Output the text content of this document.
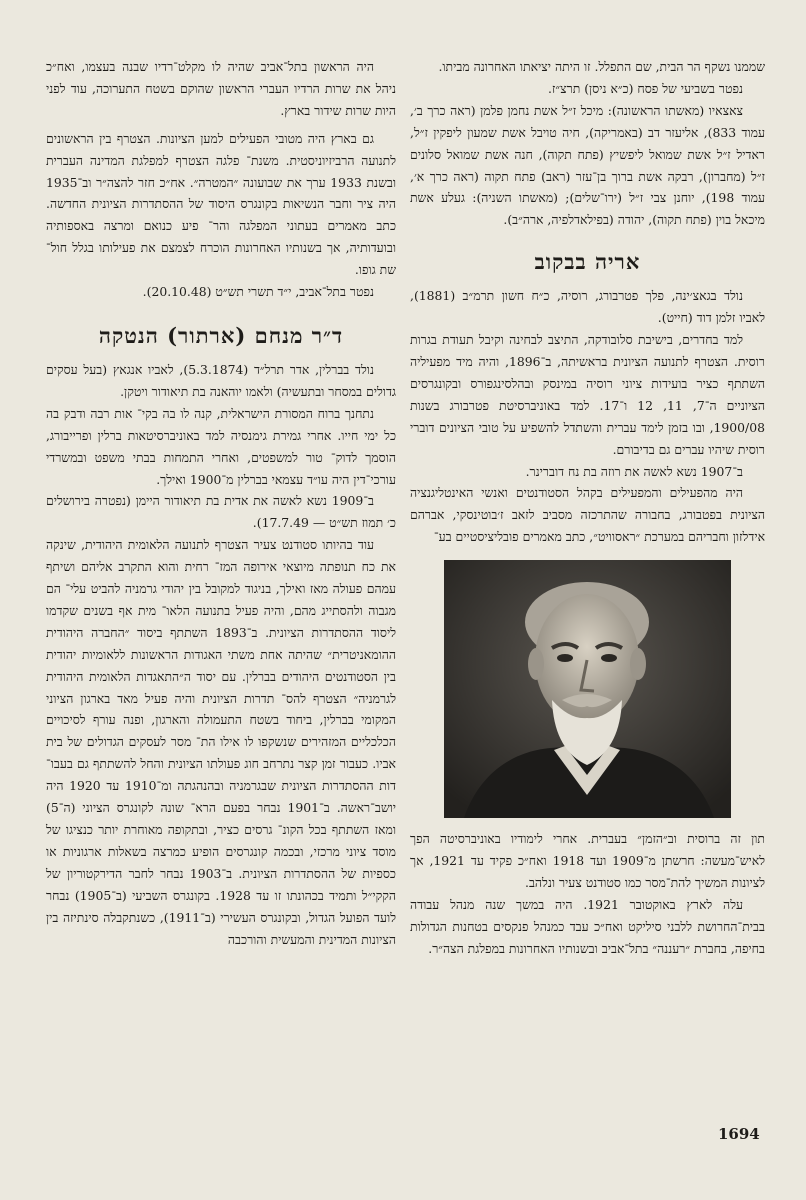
שממנו נשקף הר הבית, שם התפלל. זו היתה יציאתו האחרונה מביתו.

נפטר בשביעי של פסח (כ״א ניסן) תרצ״ז.

צאצאיו (מאשתו הראשונה): מיכל ז״ל אשת נחמן פלמן (ראה כרך ב׳, עמוד 833), אליעזר דב (באמריקה), חיה טויבל אשת שמעון ליפקין ז״ל, ראדיל ז״ל אשת שמואל ליפשיץ (פתח תקוה), חנה אשת שמואל סלונים ז״ל (מחברון), רבקה אשת ברוך בן־עזר (ראב) פתח תקוה (ראה כרך א׳, עמוד 198), יוחנן צבי ז״ל (ירו־שלים); (מאשתו השניה): געלע אשת מיכאל בוין (פתח תקוה), יהודה (בפילאדלפיה, ארה״ב).

אריה בבקוב

נולד בגאצ׳ינה, פלך פטרבורג, רוסיה, כ״ח חשון תרמ״ב (1881), לאביו זלמן דוד (חייט).

למד בחדרים, בישיבת סלובודקה, התיצב לבחינה וקיבל תעודת בגרות רוסית. הצטרף לתנועה הציונית בראשיתה, ב־1896, והיה מיד מפעיליה השתתף כציר בועידות ציוני רוסיה במינסק ובהלסינגפורס ובקונגרסים הציוניים ה־7, 11, 12 ו־17. למד באוניברסיטת פטרבורג בשנות 1900/08, ובו בזמן לימד עברית והשתדל להשפיע על טובי הציונים דוברי רוסית שיהיו עברים גם בדיבורם.

ב־1907 נשא לאשה את רוזה בת נח דוברינר.

היה מהפעילים והמפעילים בקהל הסטודנטים ואנשי האינטליגנציה הציונית בפטבורג, בחבורה שהתרכזה מסביב לזאב ז׳בוטינסקי, אברהם אידלזון וחבריהם במערכת ״ראסוויט״, כתב מאמרים פובליציסטיים בע־

תון זה ברוסית וב״הזמן״ בעברית. אחרי לימודיו באוניברסיטה הפך לאיש־מעשה: חרשתן מ־1909 ועד 1918 ואח״כ פקיד עד 1921, אך לציונות המשיך להת־מסר כמו סטודנט צעיר ונלהב.

עלה לארץ באוקטובר 1921. היה במשך שנה מנהל עבודה בבית־החרושת ללבני סיליקט ואח״כ עבד כמנהל פנקסים בטחנות הגדולות בחיפה, בחברת ״רעננה״ בתל־אביב ובשנותיו האחרונות במפלגת הצה״ר.

היה הראשון בתל־אביב שהיה לו מקלט־רדיו שבנה בעצמו, ואח״כ ניהל את שרות הרדיו העברי הראשון שהוקם בשטח התערוכה, עוד לפני היות שרות שידור בארץ.

גם בארץ היה מטובי הפעילים למען הציונות. הצטרף בין הראשונים לתנועה הרביזיוניסטית. משנת־ פלגה הצטרף למפלגת המדינה העברית ובשנת 1933 ערך את שבועונה ״המטרה״. אח״כ חזר להצה״ר וב־1935 היה ציר וחבר הנשיאות בקונגרס היסוד של ההסתדרות הציונית החדשה. כתב מאמרים בעתוני המפלגה והר־ פיע כנואם ומרצה באספותיה ובועדותיה, אך בשנותיו האחרונות הוכרח לצמצם את פעילותו בגלל חול־ שת גופו.

נפטר בתל־אביב, י״ד תשרי תש״ט (20.10.48).

ד״ר מנחם (ארתור) הנטקה

נולד בברלין, אדר תרל״ד (5.3.1874), לאביו אנגאץ (בעל עסקים גדולים במסחר ובתעשיה) ולאמו יוהאנה בת תיאודור ויטקן.

נתחנך ברוח המסורת הישראלית, קנה לו בה בקי־ אות רבה ודבק בה כל ימי חייו. אחרי גמירת גימנסיה למד באוניברסיטאות ברלין ופרייבורג, הוסמך לדוק־ טור למשפטים, ואחרי התמחות בבתי משפט ובמשרדי עורכי־דין היה עו״ד עצמאי בברלין מ־1900 ואילך.

ב־1909 נשא לאשה את אדית בת תיאודור היימן (נפטרה בירושלים כ׳ תמוז תש״ט — 17.7.49).

עוד בהיותו סטודנט צעיר הצטרף לתנועה הלאומית היהודית, שינקה את כח תנופתה מיוצאי אירופה המז־ רחית והוא התקרב אליהם ושיתף עמהם פעולה מאז ואילך, בניגוד למקובל בין יהודי גרמניה להביט עלי־ הם מגבוה ולהסתייג מהם, והיה פעיל בתנועה הלאו־ מית אף בשנים שקדמו ליסוד ההסתדרות הציונית. ב־1893 השתתף ביסוד ״החברה היהודית ההומאניטרית״ שהיתה אחת משתי האגודות הראשונות ללאומיות יהודית בין הסטודנטים היהודים בברלין. עם יסוד ה״התאגדות הלאומית היהודית לגרמניה״ הצטרף להס־ תדרות הציונית והיה פעיל מאד בארגון הציוני המקומי בברלין, ביחוד בשטח התעמולה והארגון, ופנה עורף לסיכויים הכלכליים המזהירים שנשקפו לו אילו הת־ מסר לעסקים הגדולים של בית אביו. כעבור זמן קצר נתרחב חוג פעולתו הציונית והחל להשתתף גם בעבו־ דות ההסתדרות הציונית שבגרמניה ובהנהגתה ומ־1910 עד 1920 היה יושב־ראשה. ב־1901 נבחר בפעם הרא־ שונה לקונגרס הציוני (ה־5) ומאז השתתף בכל הקונ־ גרסים כציר, ובתקופה מאוחרת יותר כנציגו של מוסד ציוני מרכזי, ובכמה קונגרסים הופיע כמרצה בשאלות ארגוניות או כספיות של ההסתדרות הציונית. ב־1903 נבחר לחבר הדירקטוריון של הקקי״ל ותמיד בכהונתו זו עד 1928. בקונגרס השביעי (ב־1905) נבחר לועד הפועל הגדול, ובקונגרס העשירי (ב־1911), כשנתקבלה סינתיזה בין הציונות המדינית והמעשית והורכבה

1694
